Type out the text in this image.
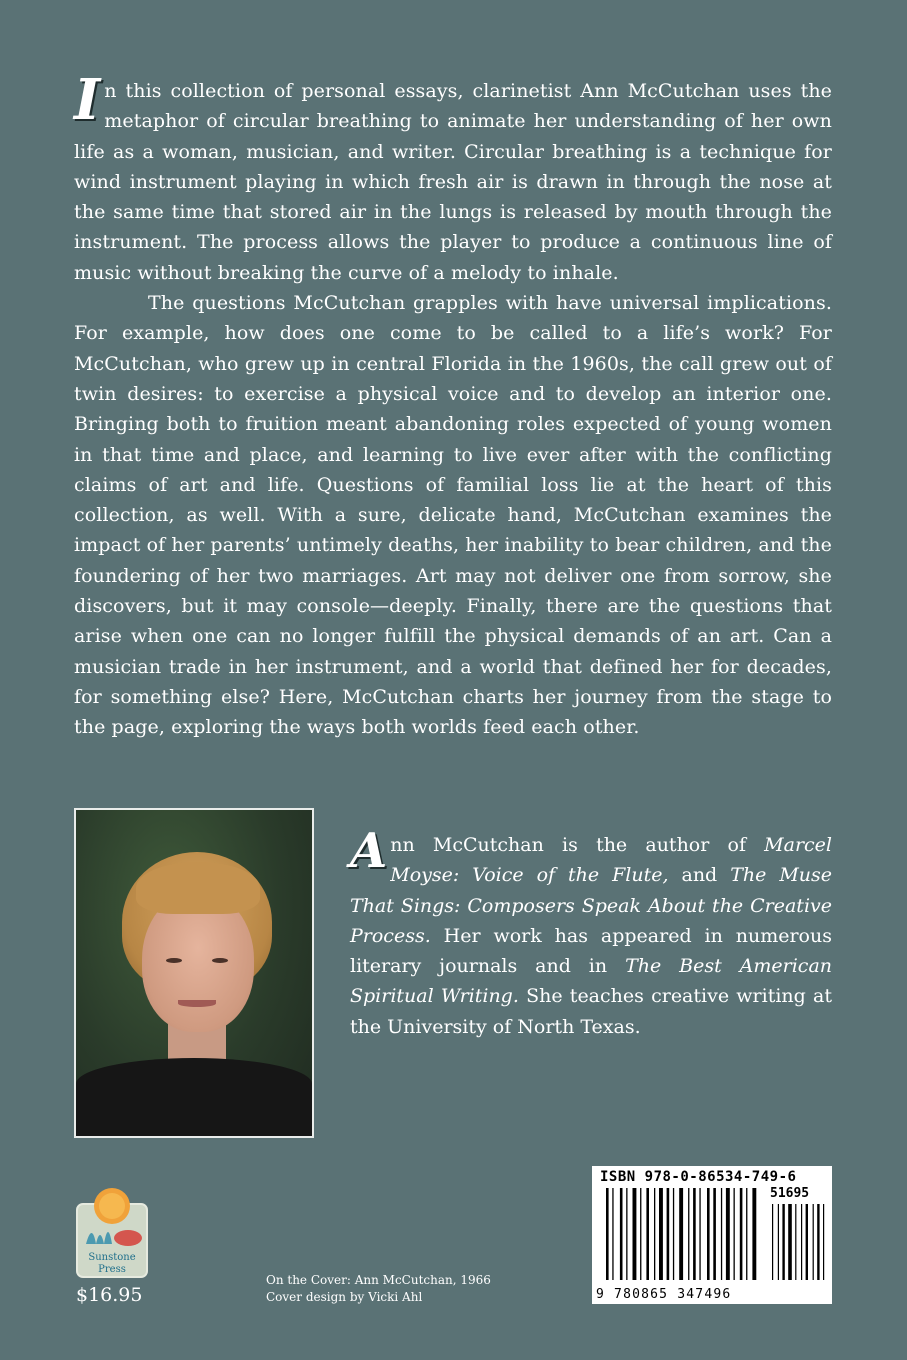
In this collection of personal essays, clarinetist Ann McCutchan uses the metaphor of circular breathing to animate her understanding of her own life as a woman, musician, and writer. Circular breathing is a technique for wind instrument playing in which fresh air is drawn in through the nose at the same time that stored air in the lungs is released by mouth through the instrument. The process allows the player to produce a continuous line of music without breaking the curve of a melody to inhale.

The questions McCutchan grapples with have universal implications. For example, how does one come to be called to a life’s work? For McCutchan, who grew up in central Florida in the 1960s, the call grew out of twin desires: to exercise a physical voice and to develop an interior one. Bringing both to fruition meant abandoning roles expected of young women in that time and place, and learning to live ever after with the conflicting claims of art and life. Questions of familial loss lie at the heart of this collection, as well. With a sure, delicate hand, McCutchan examines the impact of her parents’ untimely deaths, her inability to bear children, and the foundering of her two marriages. Art may not deliver one from sorrow, she discovers, but it may console—deeply. Finally, there are the questions that arise when one can no longer fulfill the physical demands of an art. Can a musician trade in her instrument, and a world that defined her for decades, for something else? Here, McCutchan charts her journey from the stage to the page, exploring the ways both worlds feed each other.

Ann McCutchan is the author of Marcel Moyse: Voice of the Flute, and The Muse That Sings: Composers Speak About the Creative Process. Her work has appeared in numerous literary journals and in The Best American Spiritual Writing. She teaches creative writing at the University of North Texas.
Sunstone
Press
$16.95
On the Cover: Ann McCutchan, 1966
Cover design by Vicki Ahl
ISBN 978-0-86534-749-6
51695
9 780865 347496
